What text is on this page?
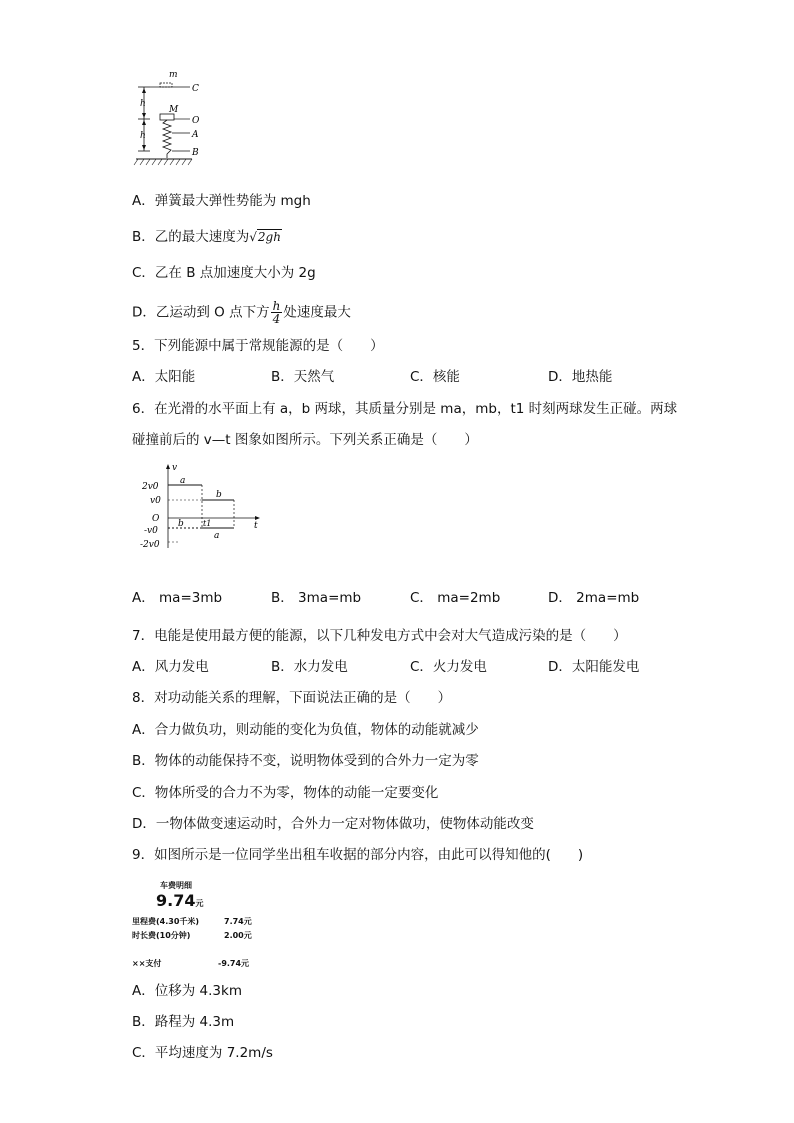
h
h
m
C
M
O
A
B
A．弹簧最大弹性势能为 mgh
B．乙的最大速度为√2gh
C．乙在 B 点加速度大小为 2g
D．乙运动到 O 点下方 $\frac{h}{4}$ 处速度最大
5．下列能源中属于常规能源的是（　　）
A．太阳能	B．天然气	C．核能	D．地热能
6．在光滑的水平面上有 a，b 两球，其质量分别是 ma，mb，t1 时刻两球发生正碰。两球
碰撞前后的 v—t 图象如图所示。下列关系正确是（　　）
v
t
2v0
v0
O
-v0
-2v0
a
b
b
a
t1
A． ma=3mb	B． 3ma=mb	C． ma=2mb	D． 2ma=mb
7．电能是使用最方便的能源，以下几种发电方式中会对大气造成污染的是（　　）
A．风力发电	B．水力发电	C．火力发电	D．太阳能发电
8．对功动能关系的理解，下面说法正确的是（　　）
A．合力做负功，则动能的变化为负值，物体的动能就减少
B．物体的动能保持不变，说明物体受到的合外力一定为零
C．物体所受的合力不为零，物体的动能一定要变化
D．一物体做变速运动时，合外力一定对物体做功，使物体动能改变
9．如图所示是一位同学坐出租车收据的部分内容，由此可以得知他的(　　)
车费明细
9.74元
里程费(4.30千米)	7.74元
时长费(10分钟)	2.00元
××支付	-9.74元
A．位移为 4.3km
B．路程为 4.3m
C．平均速度为 7.2m/s
